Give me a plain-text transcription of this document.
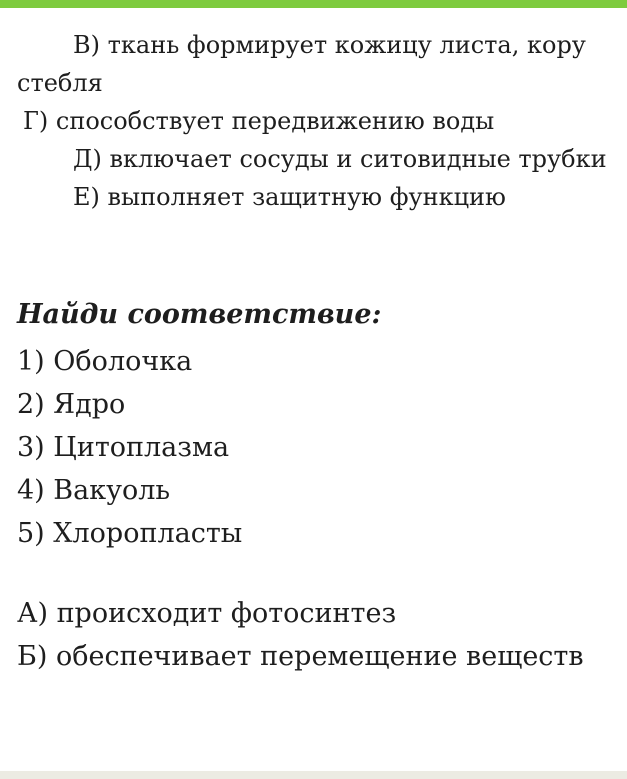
В) ткань формирует кожицу листа, кору стебля

Г) способствует передвижению воды

Д) включает сосуды и ситовидные трубки

Е) выполняет защитную функцию

Найди соответствие:

1) Оболочка
2) Ядро
3) Цитоплазма
4) Вакуоль
5) Хлоропласты

А) происходит фотосинтез

Б) обеспечивает перемещение веществ
